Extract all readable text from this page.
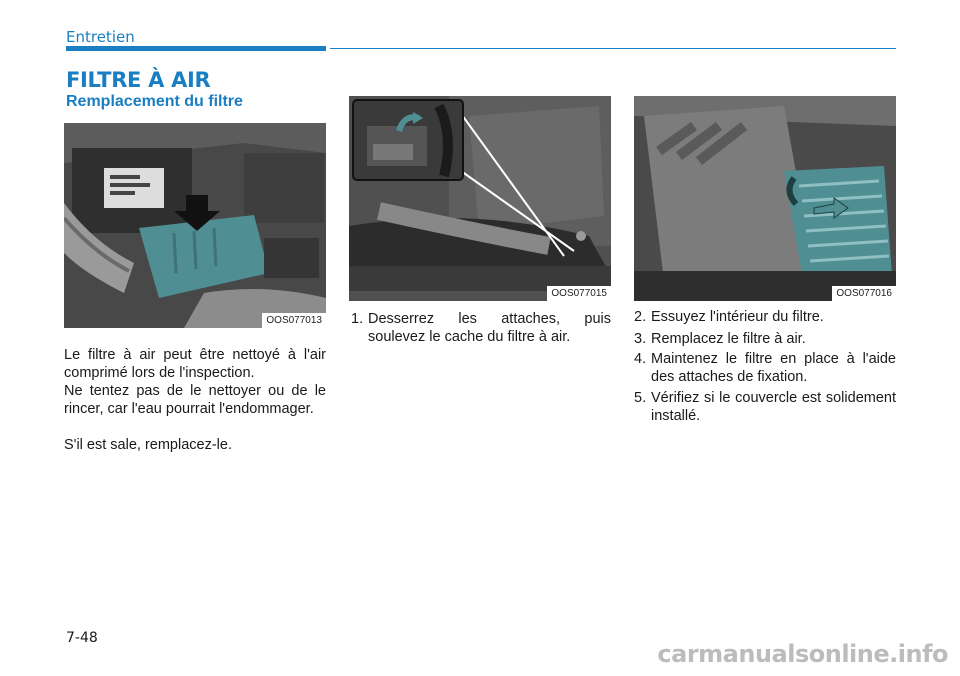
Entretien
FILTRE À AIR
Remplacement du filtre
OOS077013
OOS077015	OOS077016

Le filtre à air peut être nettoyé à l'air comprimé lors de l'inspection.

Ne tentez pas de le nettoyer ou de le rincer, car l'eau pourrait l'endommager.

S'il est sale, remplacez-le.

1. Desserrez les attaches, puis soulevez le cache du filtre à air.
2. Essuyez l'intérieur du filtre.
3. Remplacez le filtre à air.
4. Maintenez le filtre en place à l'aide des attaches de fixation.
5. Vérifiez si le couvercle est solidement installé.
7-48
carmanualsonline.info
